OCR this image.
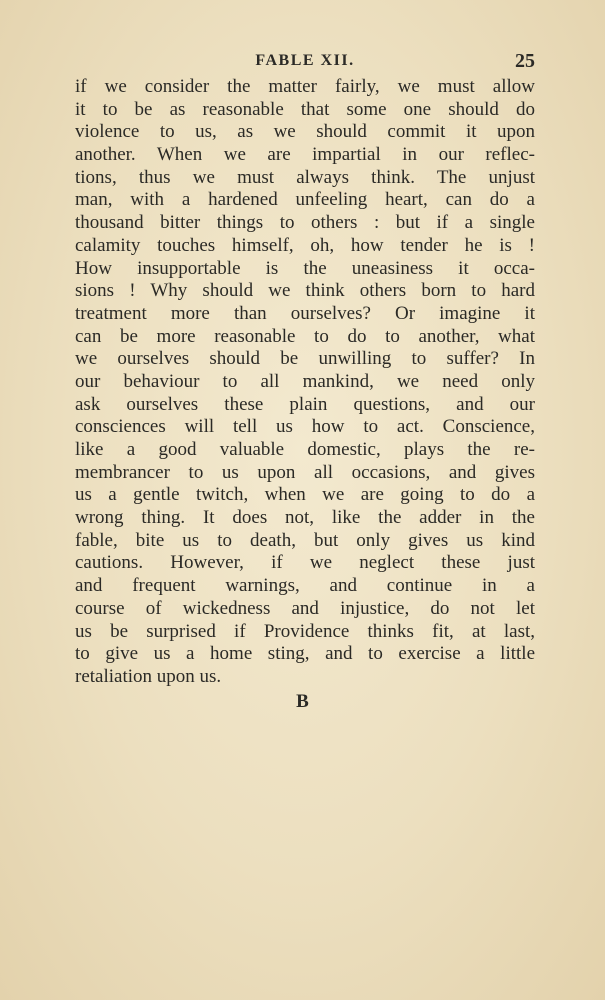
FABLE XII.	25
if we consider the matter fairly, we must allow
it to be as reasonable that some one should do
violence to us, as we should commit it upon
another. When we are impartial in our reflec-
tions, thus we must always think. The unjust
man, with a hardened unfeeling heart, can do a
thousand bitter things to others : but if a single
calamity touches himself, oh, how tender he is !
How insupportable is the uneasiness it occa-
sions ! Why should we think others born to hard
treatment more than ourselves? Or imagine it
can be more reasonable to do to another, what
we ourselves should be unwilling to suffer? In
our behaviour to all mankind, we need only
ask ourselves these plain questions, and our
consciences will tell us how to act. Conscience,
like a good valuable domestic, plays the re-
membrancer to us upon all occasions, and gives
us a gentle twitch, when we are going to do a
wrong thing. It does not, like the adder in the
fable, bite us to death, but only gives us kind
cautions. However, if we neglect these just
and frequent warnings, and continue in a
course of wickedness and injustice, do not let
us be surprised if Providence thinks fit, at last,
to give us a home sting, and to exercise a little
retaliation upon us.
B
